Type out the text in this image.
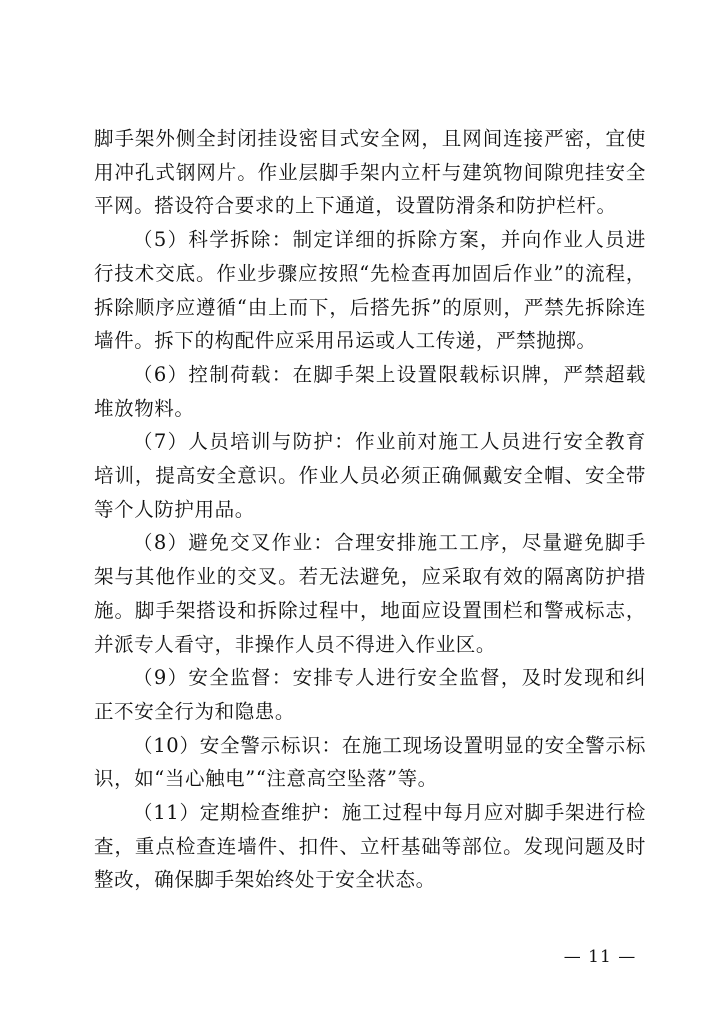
脚手架外侧全封闭挂设密目式安全网，且网间连接严密，宜使用冲孔式钢网片。作业层脚手架内立杆与建筑物间隙兜挂安全平网。搭设符合要求的上下通道，设置防滑条和防护栏杆。

（5）科学拆除：制定详细的拆除方案，并向作业人员进行技术交底。作业步骤应按照“先检查再加固后作业”的流程，拆除顺序应遵循“由上而下，后搭先拆”的原则，严禁先拆除连墙件。拆下的构配件应采用吊运或人工传递，严禁抛掷。

（6）控制荷载：在脚手架上设置限载标识牌，严禁超载堆放物料。

（7）人员培训与防护：作业前对施工人员进行安全教育培训，提高安全意识。作业人员必须正确佩戴安全帽、安全带等个人防护用品。

（8）避免交叉作业：合理安排施工工序，尽量避免脚手架与其他作业的交叉。若无法避免，应采取有效的隔离防护措施。脚手架搭设和拆除过程中，地面应设置围栏和警戒标志，并派专人看守，非操作人员不得进入作业区。

（9）安全监督：安排专人进行安全监督，及时发现和纠正不安全行为和隐患。

（10）安全警示标识：在施工现场设置明显的安全警示标识，如“当心触电”“注意高空坠落”等。

（11）定期检查维护：施工过程中每月应对脚手架进行检查，重点检查连墙件、扣件、立杆基础等部位。发现问题及时整改，确保脚手架始终处于安全状态。

— 11 —
